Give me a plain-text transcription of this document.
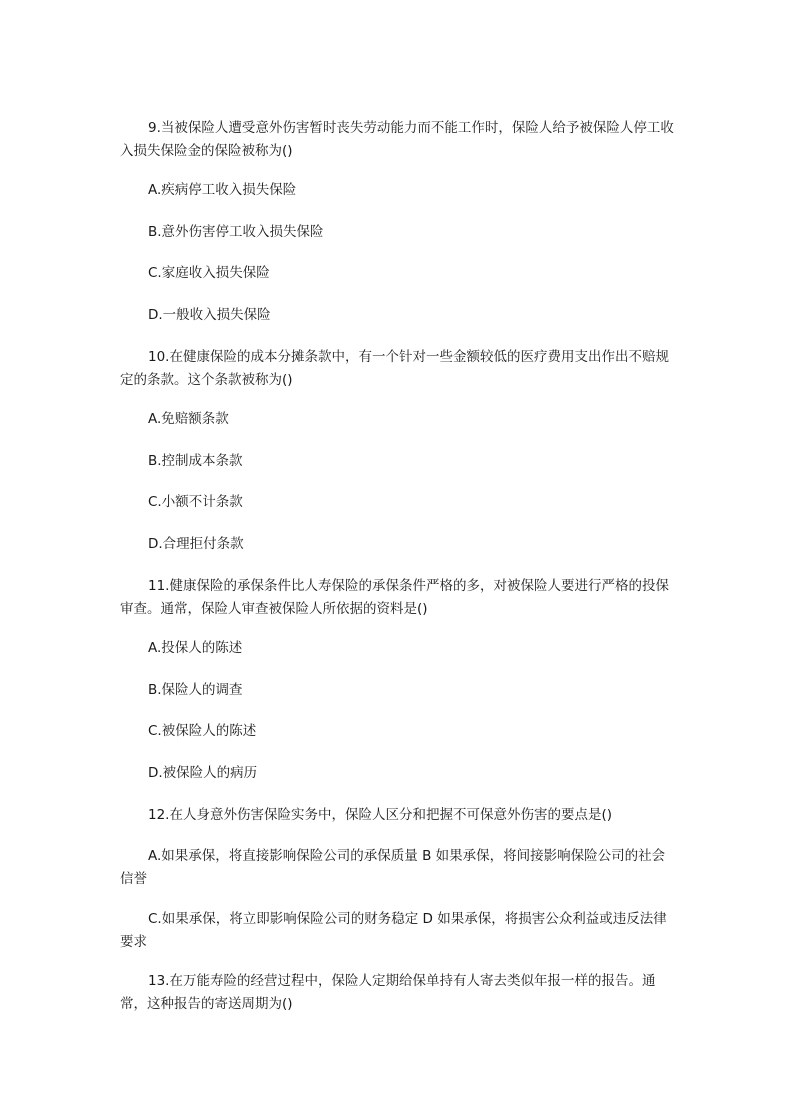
9.当被保险人遭受意外伤害暂时丧失劳动能力而不能工作时，保险人给予被保险人停工收入损失保险金的保险被称为()

A.疾病停工收入损失保险

B.意外伤害停工收入损失保险

C.家庭收入损失保险

D.一般收入损失保险

10.在健康保险的成本分摊条款中，有一个针对一些金额较低的医疗费用支出作出不赔规定的条款。这个条款被称为()

A.免赔额条款

B.控制成本条款

C.小额不计条款

D.合理拒付条款

11.健康保险的承保条件比人寿保险的承保条件严格的多，对被保险人要进行严格的投保审查。通常，保险人审查被保险人所依据的资料是()

A.投保人的陈述

B.保险人的调查

C.被保险人的陈述

D.被保险人的病历

12.在人身意外伤害保险实务中，保险人区分和把握不可保意外伤害的要点是()

A.如果承保，将直接影响保险公司的承保质量 B 如果承保，将间接影响保险公司的社会信誉

C.如果承保，将立即影响保险公司的财务稳定 D 如果承保，将损害公众利益或违反法律要求

13.在万能寿险的经营过程中，保险人定期给保单持有人寄去类似年报一样的报告。通常，这种报告的寄送周期为()
